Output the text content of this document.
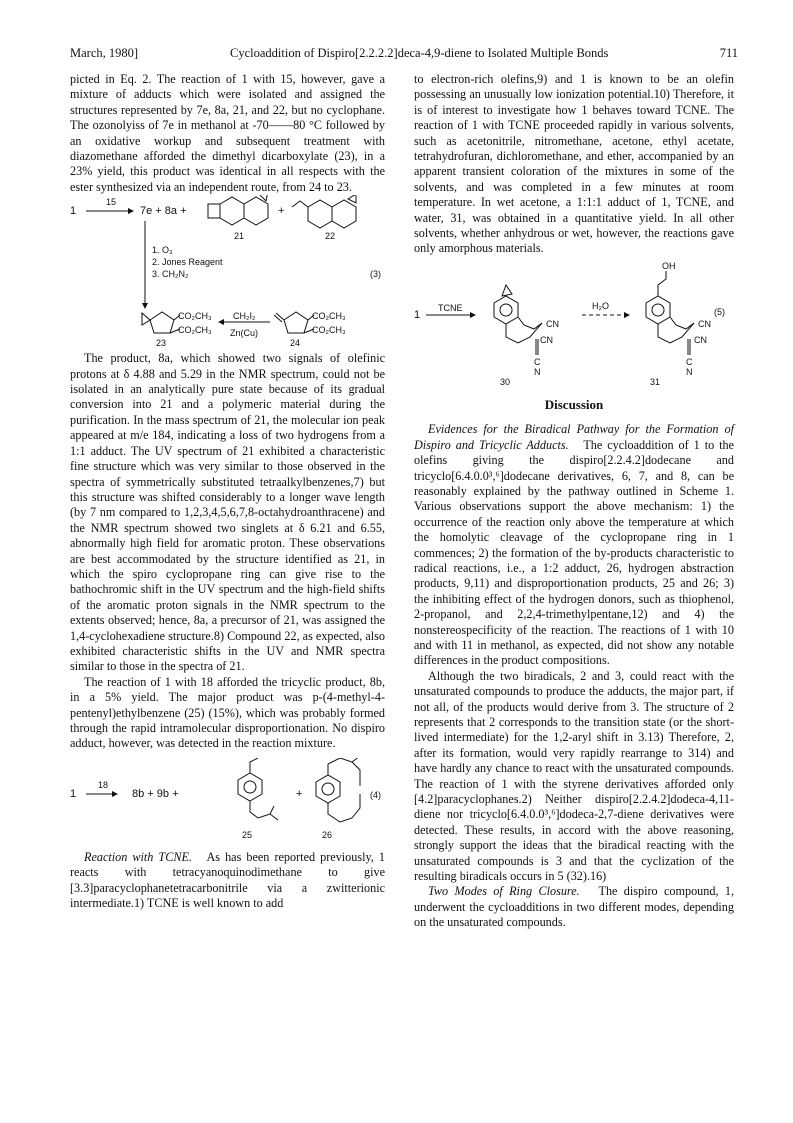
March, 1980]	Cycloaddition of Dispiro[2.2.2.2]deca-4,9-diene to Isolated Multiple Bonds	711

picted in Eq. 2. The reaction of 1 with 15, however, gave a mixture of adducts which were isolated and assigned the structures represented by 7e, 8a, 21, and 22, but no cyclophane. The ozonolyiss of 7e in methanol at -70——80 °C followed by an oxidative workup and subsequent treatment with diazomethane afforded the dimethyl dicarboxylate (23), in a 23% yield, this product was identical in all respects with the ester synthesized via an independent route, from 24 to 23.

1
15
7e + 8a +	+
21	22
1. O₃
2. Jones Reagent
3. CH₂N₂	(3)
CO₂CH₃
CO₂CH₃
CH₂I₂
Zn(Cu)
CO₂CH₃
CO₂CH₃
23	24

The product, 8a, which showed two signals of olefinic protons at δ 4.88 and 5.29 in the NMR spectrum, could not be isolated in an analytically pure state because of its gradual conversion into 21 and a polymeric material during the purification. In the mass spectrum of 21, the molecular ion peak appeared at m/e 184, indicating a loss of two hydrogens from a 1:1 adduct. The UV spectrum of 21 exhibited a characteristic fine structure which was very similar to those observed in the spectra of symmetrically substituted tetraalkylbenzenes,7) but this structure was shifted considerably to a longer wave length (by 7 nm compared to 1,2,3,4,5,6,7,8-octahydroanthracene) and the NMR spectrum showed two singlets at δ 6.21 and 6.55, abnormally high field for aromatic proton. These observations are best accommodated by the structure identified as 21, in which the spiro cyclopropane ring can give rise to the bathochromic shift in the UV spectrum and the high-field shifts of the aromatic proton signals in the NMR spectrum to the extents observed; hence, 8a, a precursor of 21, was assigned the 1,4-cyclohexadiene structure.8) Compound 22, as expected, also exhibited characteristic shifts in the UV and NMR spectra similar to those in the spectra of 21.

The reaction of 1 with 18 afforded the tricyclic product, 8b, in a 5% yield. The major product was p-(4-methyl-4-pentenyl)ethylbenzene (25) (15%), which was probably formed through the rapid intramolecular disproportionation. No dispiro adduct, however, was detected in the reaction mixture.

1
18
8b + 9b +	+
25	26
(4)

Reaction with TCNE. As has been reported previously, 1 reacts with tetracyanoquinodimethane to give [3.3]paracyclophanetetracarbonitrile via a zwitterionic intermediate.1) TCNE is well known to add

to electron-rich olefins,9) and 1 is known to be an olefin possessing an unusually low ionization potential.10) Therefore, it is of interest to investigate how 1 behaves toward TCNE. The reaction of 1 with TCNE proceeded rapidly in various solvents, such as acetonitrile, nitromethane, acetone, ethyl acetate, tetrahydrofuran, dichloromethane, and ether, accompanied by an apparent transient coloration of the mixtures in some of the solvents, and was completed in a few minutes at room temperature. In wet acetone, a 1:1:1 adduct of 1, TCNE, and water, 31, was obtained in a quantitative yield. In all other solvents, whether anhydrous or wet, however, the reactions gave only amorphous materials.

1
TCNE	H₂O
OH
CN
CN
C
N
CN
CN
C
N
30	31
(5)
Discussion

Evidences for the Biradical Pathway for the Formation of Dispiro and Tricyclic Adducts. The cycloaddition of 1 to the olefins giving the dispiro[2.2.4.2]dodecane and tricyclo[6.4.0.0³,⁶]dodecane derivatives, 6, 7, and 8, can be reasonably explained by the pathway outlined in Scheme 1. Various observations support the above mechanism: 1) the occurrence of the reaction only above the temperature at which the homolytic cleavage of the cyclopropane ring in 1 commences; 2) the formation of the by-products characteristic to radical reactions, i.e., a 1:2 adduct, 26, hydrogen abstraction products, 9,11) and disproportionation products, 25 and 26; 3) the inhibiting effect of the hydrogen donors, such as thiophenol, 2-propanol, and 2,2,4-trimethylpentane,12) and 4) the nonstereospecificity of the reaction. The reactions of 1 with 10 and with 11 in methanol, as expected, did not show any notable differences in the product compositions.

Although the two biradicals, 2 and 3, could react with the unsaturated compounds to produce the adducts, the major part, if not all, of the products would derive from 3. The structure of 2 represents that 2 corresponds to the transition state (or the short-lived intermediate) for the 1,2-aryl shift in 3.13) Therefore, 2, after its formation, would very rapidly rearrange to 314) and have hardly any chance to react with the unsaturated compounds. The reaction of 1 with the styrene derivatives afforded only [4.2]paracyclophanes.2) Neither dispiro[2.2.4.2]dodeca-4,11-diene nor tricyclo[6.4.0.0³,⁶]dodeca-2,7-diene derivatives were detected. These results, in accord with the above reasoning, strongly support the ideas that the biradical reacting with the unsaturated compounds is 3 and that the cyclization of the resulting biradicals occurs in 5 (32).16)

Two Modes of Ring Closure. The dispiro compound, 1, underwent the cycloadditions in two different modes, depending on the unsaturated compounds.
